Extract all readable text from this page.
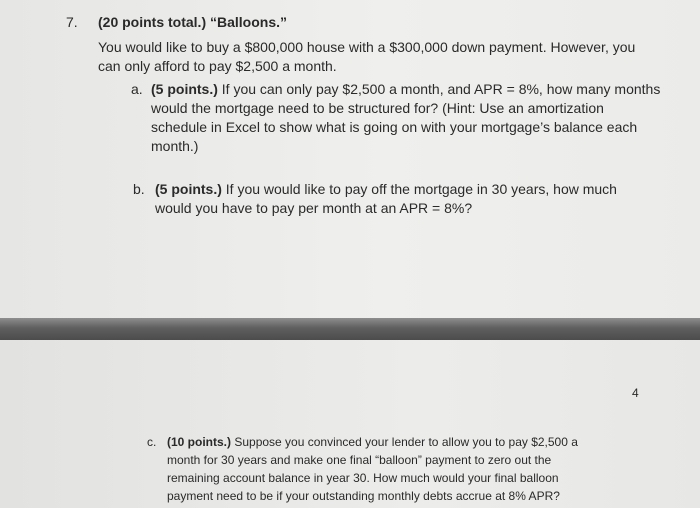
7. (20 points total.) “Balloons.”
You would like to buy a $800,000 house with a $300,000 down payment. However, you
can only afford to pay $2,500 a month.
a. (5 points.) If you can only pay $2,500 a month, and APR = 8%, how many months
would the mortgage need to be structured for? (Hint: Use an amortization
schedule in Excel to show what is going on with your mortgage’s balance each
month.)
b. (5 points.) If you would like to pay off the mortgage in 30 years, how much
would you have to pay per month at an APR = 8%?
4
c. (10 points.) Suppose you convinced your lender to allow you to pay $2,500 a
month for 30 years and make one final “balloon” payment to zero out the
remaining account balance in year 30. How much would your final balloon
payment need to be if your outstanding monthly debts accrue at 8% APR?
